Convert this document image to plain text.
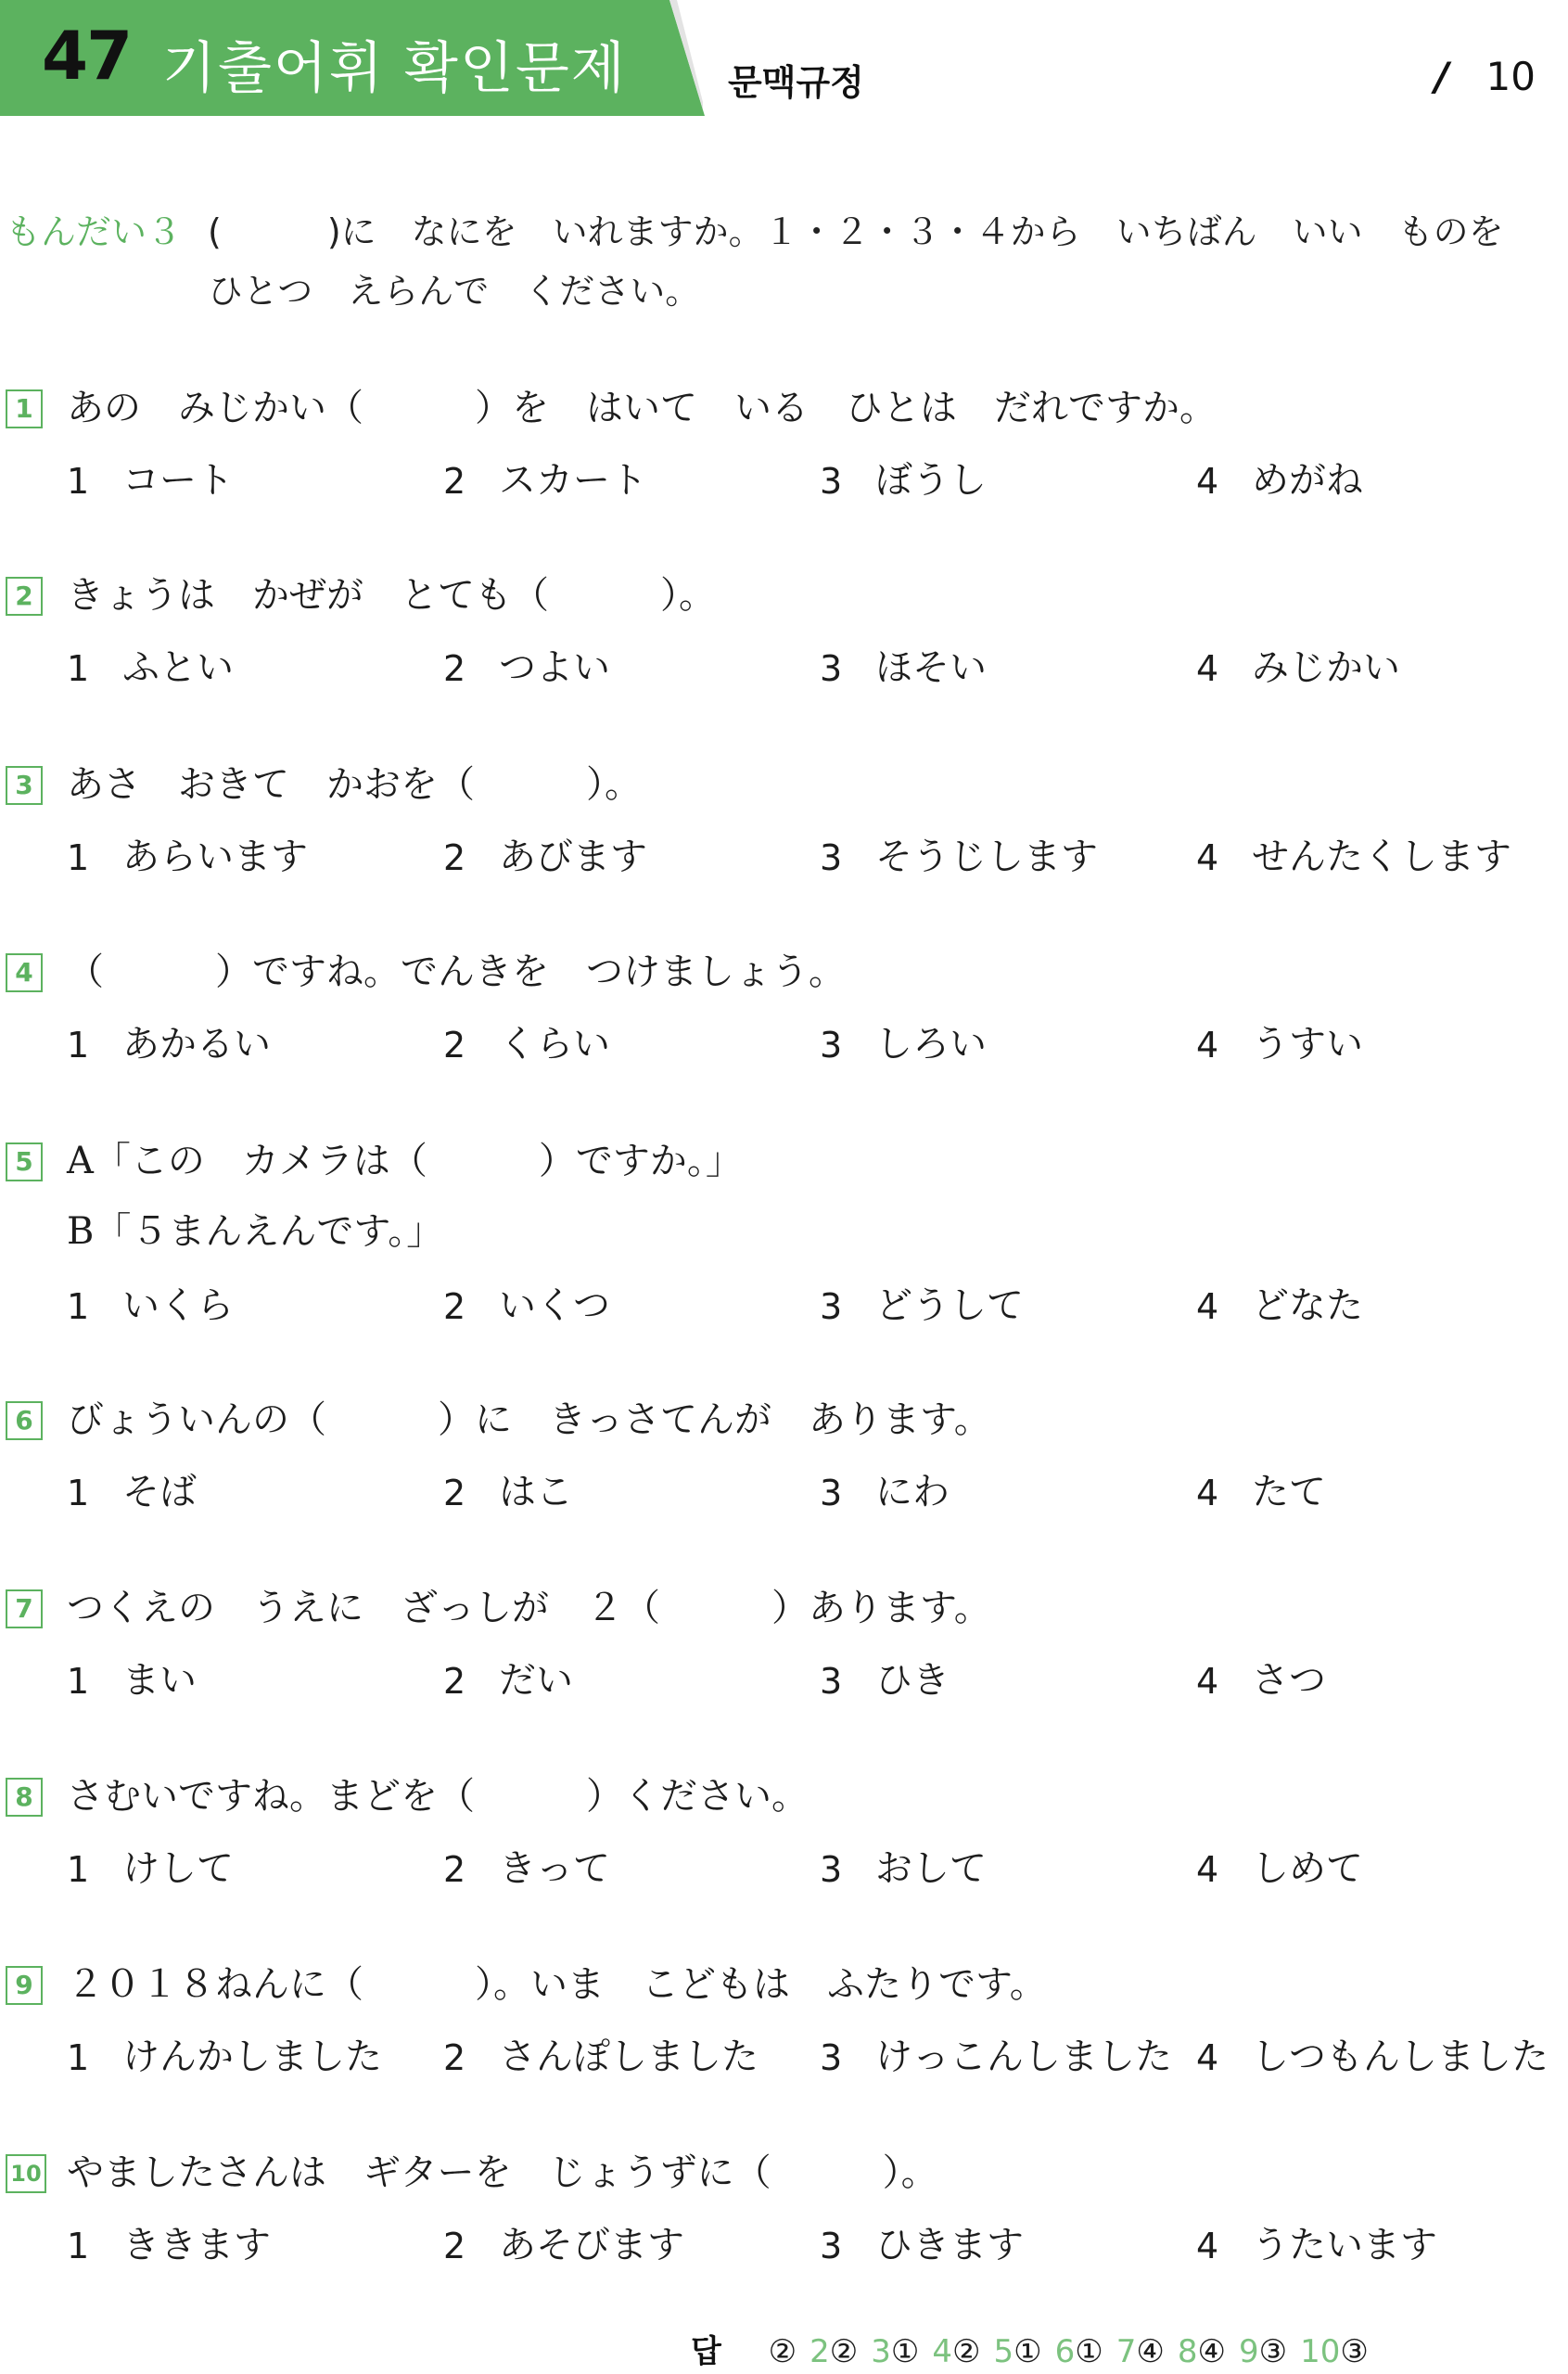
47 기출어휘 확인문제	문맥규정	/ 10
もんだい３ (　　　)に　なにを　いれますか。１・２・３・４から　いちばん　いい　ものを
ひとつ　えらんで　ください。
1 あの　みじかい（　　　）を　はいて　いる　ひとは　だれですか。
1 コート	2 スカート	3 ぼうし	4 めがね
2 きょうは　かぜが　とても（　　　）。
1 ふとい	2 つよい	3 ほそい	4 みじかい
3 あさ　おきて　かおを（　　　）。
1 あらいます	2 あびます	3 そうじします	4 せんたくします
4 （　　　）ですね。でんきを　つけましょう。
1 あかるい	2 くらい	3 しろい	4 うすい
5 A「この　カメラは（　　　）ですか。」
B「５まんえんです。」
1 いくら	2 いくつ	3 どうして	4 どなた
6 びょういんの（　　　）に　きっさてんが　あります。
1 そば	2 はこ	3 にわ	4 たて
7 つくえの　うえに　ざっしが　２（　　　）あります。
1 まい	2 だい	3 ひき	4 さつ
8 さむいですね。まどを（　　　）ください。
1 けして	2 きって	3 おして	4 しめて
9 ２０１８ねんに（　　　）。いま　こどもは　ふたりです。
1 けんかしました 2 さんぽしました 3 けっこんしました 4 しつもんしました
10 やましたさんは　ギターを　じょうずに（　　　）。
1 ききます	2 あそびます	3 ひきます	4 うたいます
답 ② 2② 3① 4② 5① 6① 7④ 8④ 9③ 10③
